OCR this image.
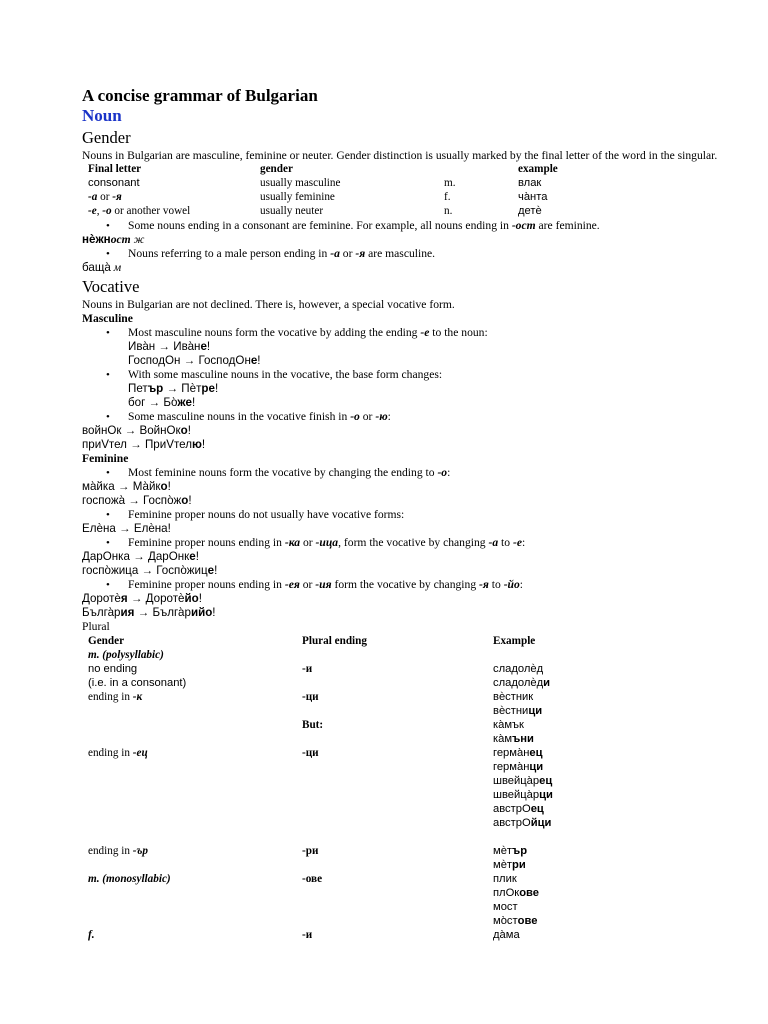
A concise grammar of Bulgarian
Noun
Gender
Nouns in Bulgarian are masculine, feminine or neuter. Gender distinction is usually marked by the final letter of the word in the singular.
Final letter	gender		example
consonant	usually masculine	m.	влак
-а or -я	usually feminine	f.	ча̀нта
-е, -о or another vowel	usually neuter	n.	детѐ
• Some nouns ending in a consonant are feminine. For example, all nouns ending in -ост are feminine.
нѐжност ж
• Nouns referring to a male person ending in -а or -я are masculine.
баща̀ м
Vocative
Nouns in Bulgarian are not declined. There is, however, a special vocative form.
Masculine
• Most masculine nouns form the vocative by adding the ending -е to the noun:
Ива̀н → Ива̀не!
ГосподОн → ГосподОне!
• With some masculine nouns in the vocative, the base form changes:
Петър → Пѐтре!
бог → Бо̀же!
• Some masculine nouns in the vocative finish in -о or -ю:
войнОк → ВойнОко!
приVтел → ПриVтелю!
Feminine
• Most feminine nouns form the vocative by changing the ending to -о:
ма̀йка → Ма̀йко!
госпожа̀ → Госпо̀жо!
• Feminine proper nouns do not usually have vocative forms:
Елѐна → Елѐна!
• Feminine proper nouns ending in -ка or -ица, form the vocative by changing -а to -е:
ДарОнка → ДарОнке!
госпо̀жица → Госпо̀жице!
• Feminine proper nouns ending in -ея or -ия form the vocative by changing -я to -йо:
Доротѐя → Доротѐйо!
Бълга̀рия → Бълга̀рийо!
Plural
Gender	Plural ending	Example
m. (polysyllabic)		
no ending	-и	сладолѐд
(i.e. in a consonant)		сладолѐди
ending in -к	-ци	вѐстник
		вѐстници
	But:	ка̀мък
		ка̀мъни
ending in -ец	-ци	герма̀нец
		герма̀нци
		швейца̀рец
		швейца̀рци
		австрОец
		австрОйци

ending in -ър	-ри	мѐтър
		мѐтри
m. (monosyllabic)	-ове	плик
		плОкове
		мост
		мо̀стове
f.	-и	да̀ма
